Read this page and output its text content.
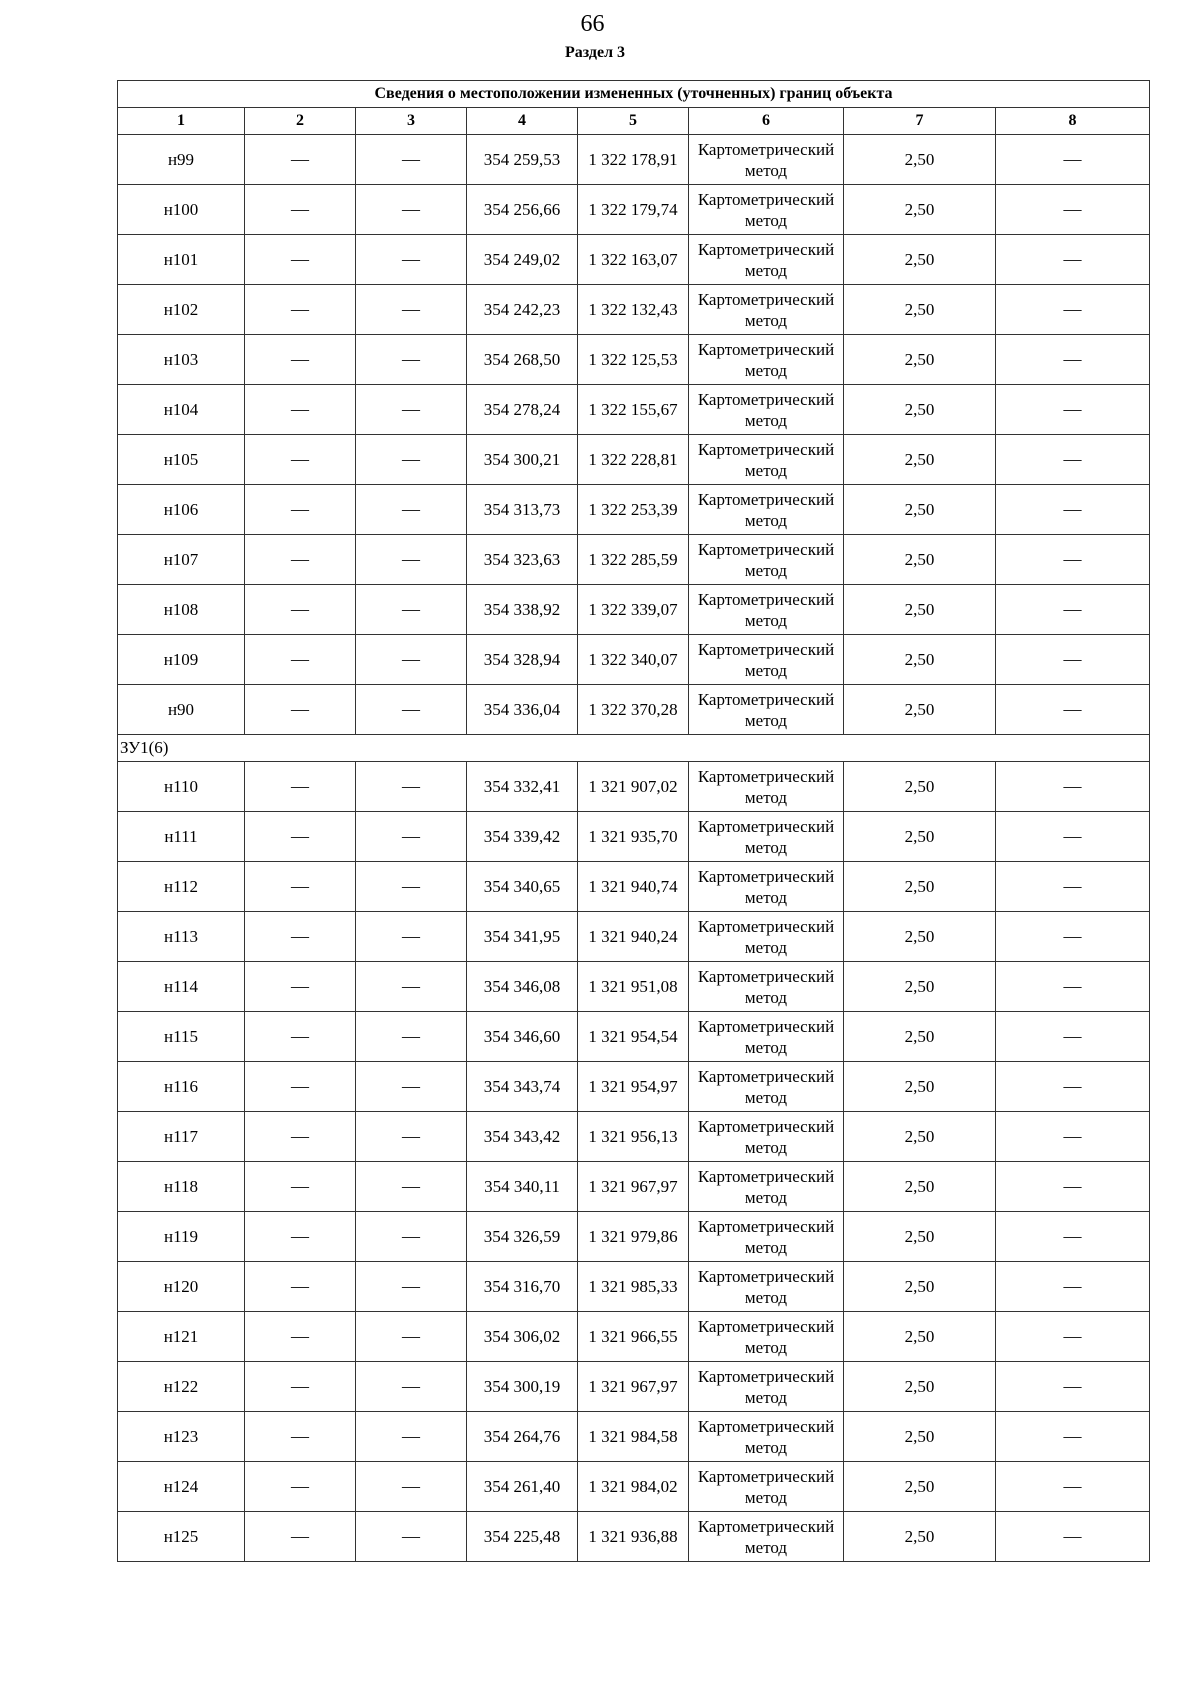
66
Раздел 3
Сведения о местоположении измененных (уточненных) границ объекта							
1	2	3	4	5	6	7	8
н99	—	—	354 259,53	1 322 178,91	Картометрический метод	2,50	—
н100	—	—	354 256,66	1 322 179,74	Картометрический метод	2,50	—
н101	—	—	354 249,02	1 322 163,07	Картометрический метод	2,50	—
н102	—	—	354 242,23	1 322 132,43	Картометрический метод	2,50	—
н103	—	—	354 268,50	1 322 125,53	Картометрический метод	2,50	—
н104	—	—	354 278,24	1 322 155,67	Картометрический метод	2,50	—
н105	—	—	354 300,21	1 322 228,81	Картометрический метод	2,50	—
н106	—	—	354 313,73	1 322 253,39	Картометрический метод	2,50	—
н107	—	—	354 323,63	1 322 285,59	Картометрический метод	2,50	—
н108	—	—	354 338,92	1 322 339,07	Картометрический метод	2,50	—
н109	—	—	354 328,94	1 322 340,07	Картометрический метод	2,50	—
н90	—	—	354 336,04	1 322 370,28	Картометрический метод	2,50	—
ЗУ1(6)							
н110	—	—	354 332,41	1 321 907,02	Картометрический метод	2,50	—
н111	—	—	354 339,42	1 321 935,70	Картометрический метод	2,50	—
н112	—	—	354 340,65	1 321 940,74	Картометрический метод	2,50	—
н113	—	—	354 341,95	1 321 940,24	Картометрический метод	2,50	—
н114	—	—	354 346,08	1 321 951,08	Картометрический метод	2,50	—
н115	—	—	354 346,60	1 321 954,54	Картометрический метод	2,50	—
н116	—	—	354 343,74	1 321 954,97	Картометрический метод	2,50	—
н117	—	—	354 343,42	1 321 956,13	Картометрический метод	2,50	—
н118	—	—	354 340,11	1 321 967,97	Картометрический метод	2,50	—
н119	—	—	354 326,59	1 321 979,86	Картометрический метод	2,50	—
н120	—	—	354 316,70	1 321 985,33	Картометрический метод	2,50	—
н121	—	—	354 306,02	1 321 966,55	Картометрический метод	2,50	—
н122	—	—	354 300,19	1 321 967,97	Картометрический метод	2,50	—
н123	—	—	354 264,76	1 321 984,58	Картометрический метод	2,50	—
н124	—	—	354 261,40	1 321 984,02	Картометрический метод	2,50	—
н125	—	—	354 225,48	1 321 936,88	Картометрический метод	2,50	—
